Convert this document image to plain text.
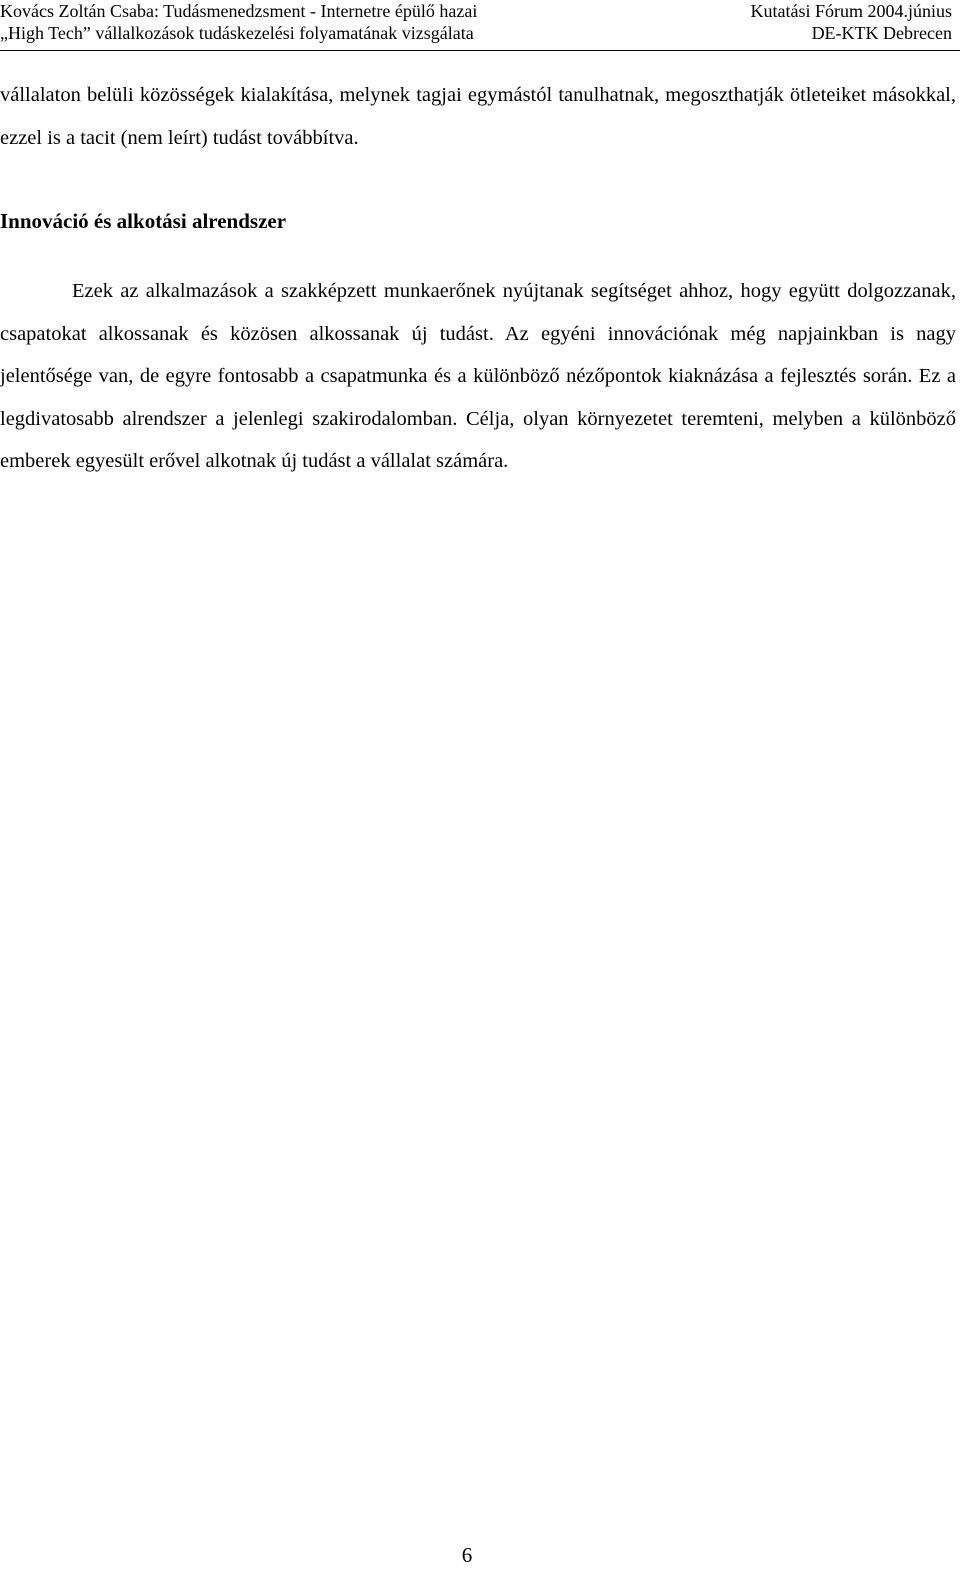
Kovács Zoltán Csaba: Tudásmenedzsment - Internetre épülő hazai	Kutatási Fórum 2004.június
„High Tech” vállalkozások tudáskezelési folyamatának vizsgálata	DE-KTK Debrecen

vállalaton belüli közösségek kialakítása, melynek tagjai egymástól tanulhatnak, megoszthatják ötleteiket másokkal, ezzel is a tacit (nem leírt) tudást továbbítva.

Innováció és alkotási alrendszer

Ezek az alkalmazások a szakképzett munkaerőnek nyújtanak segítséget ahhoz, hogy együtt dolgozzanak, csapatokat alkossanak és közösen alkossanak új tudást. Az egyéni innovációnak még napjainkban is nagy jelentősége van, de egyre fontosabb a csapatmunka és a különböző nézőpontok kiaknázása a fejlesztés során. Ez a legdivatosabb alrendszer a jelenlegi szakirodalomban. Célja, olyan környezetet teremteni, melyben a különböző emberek egyesült erővel alkotnak új tudást a vállalat számára.

6
